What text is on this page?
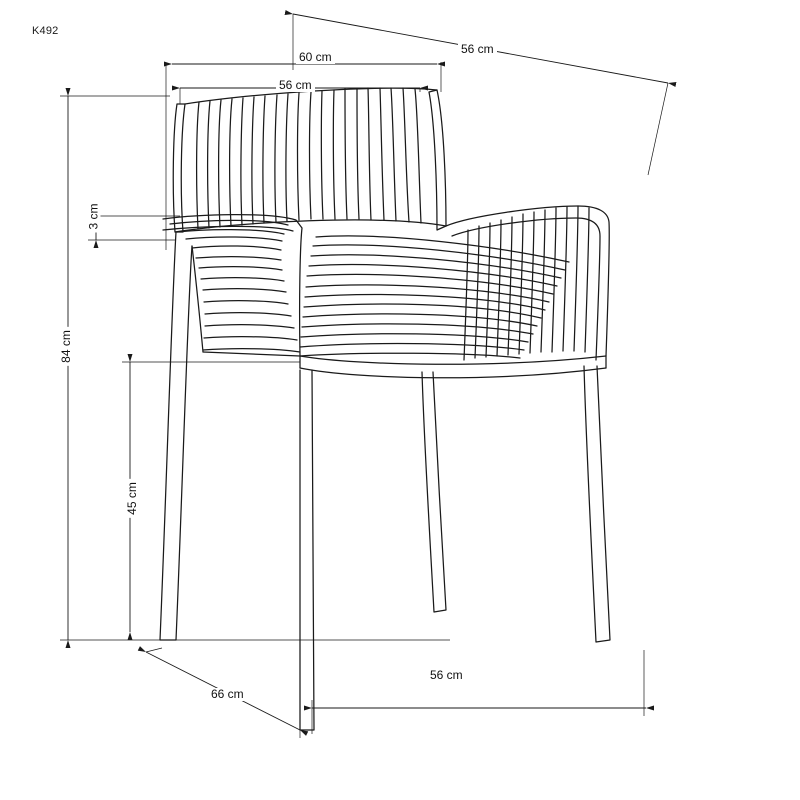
K492
60 cm
56 cm
56 cm
84 cm
45 cm
3 cm
66 cm
56 cm
